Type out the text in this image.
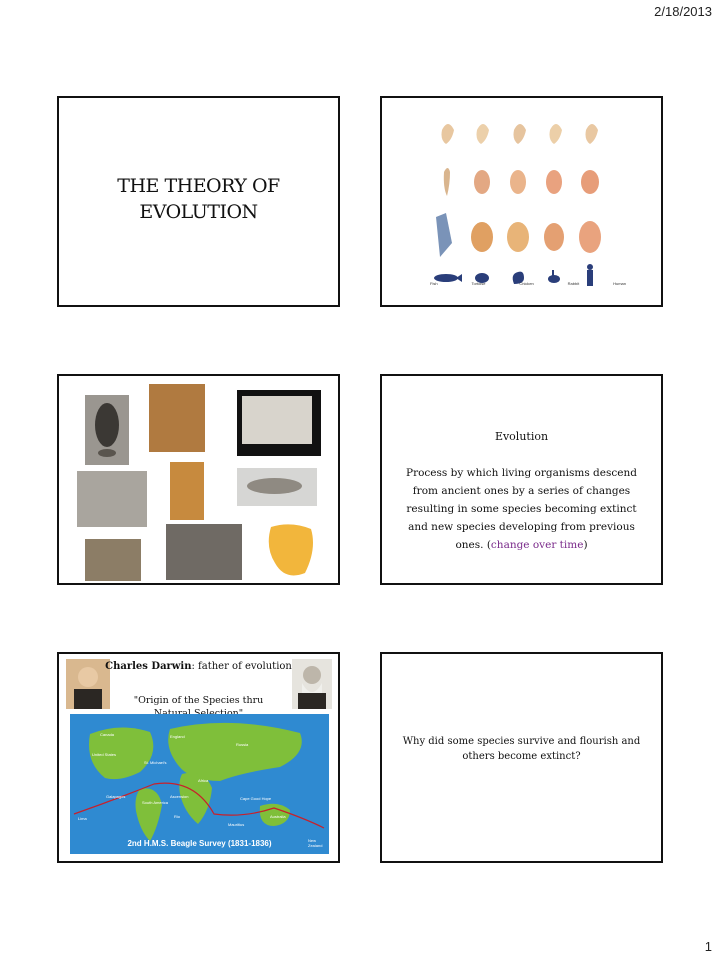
2/18/2013
THE THEORY OF
EVOLUTION
Fish	Tortoise	Chicken	Rabbit	Human
Evolution
Process by which living organisms descend from ancient ones by a series of changes resulting in some species becoming extinct and new species developing from previous ones. (change over time)
Charles Darwin: father of evolution
"Origin of the Species thru
Canada	England
Russia
United States
St. Michael's
Africa
Galapagos	Ascension	Cape Good Hope
South America
Lima	Rio	Australia
Mauritius
New Zealand
2nd H.M.S. Beagle Survey (1831-1836)
Why did some species survive and flourish and others become extinct?
1
